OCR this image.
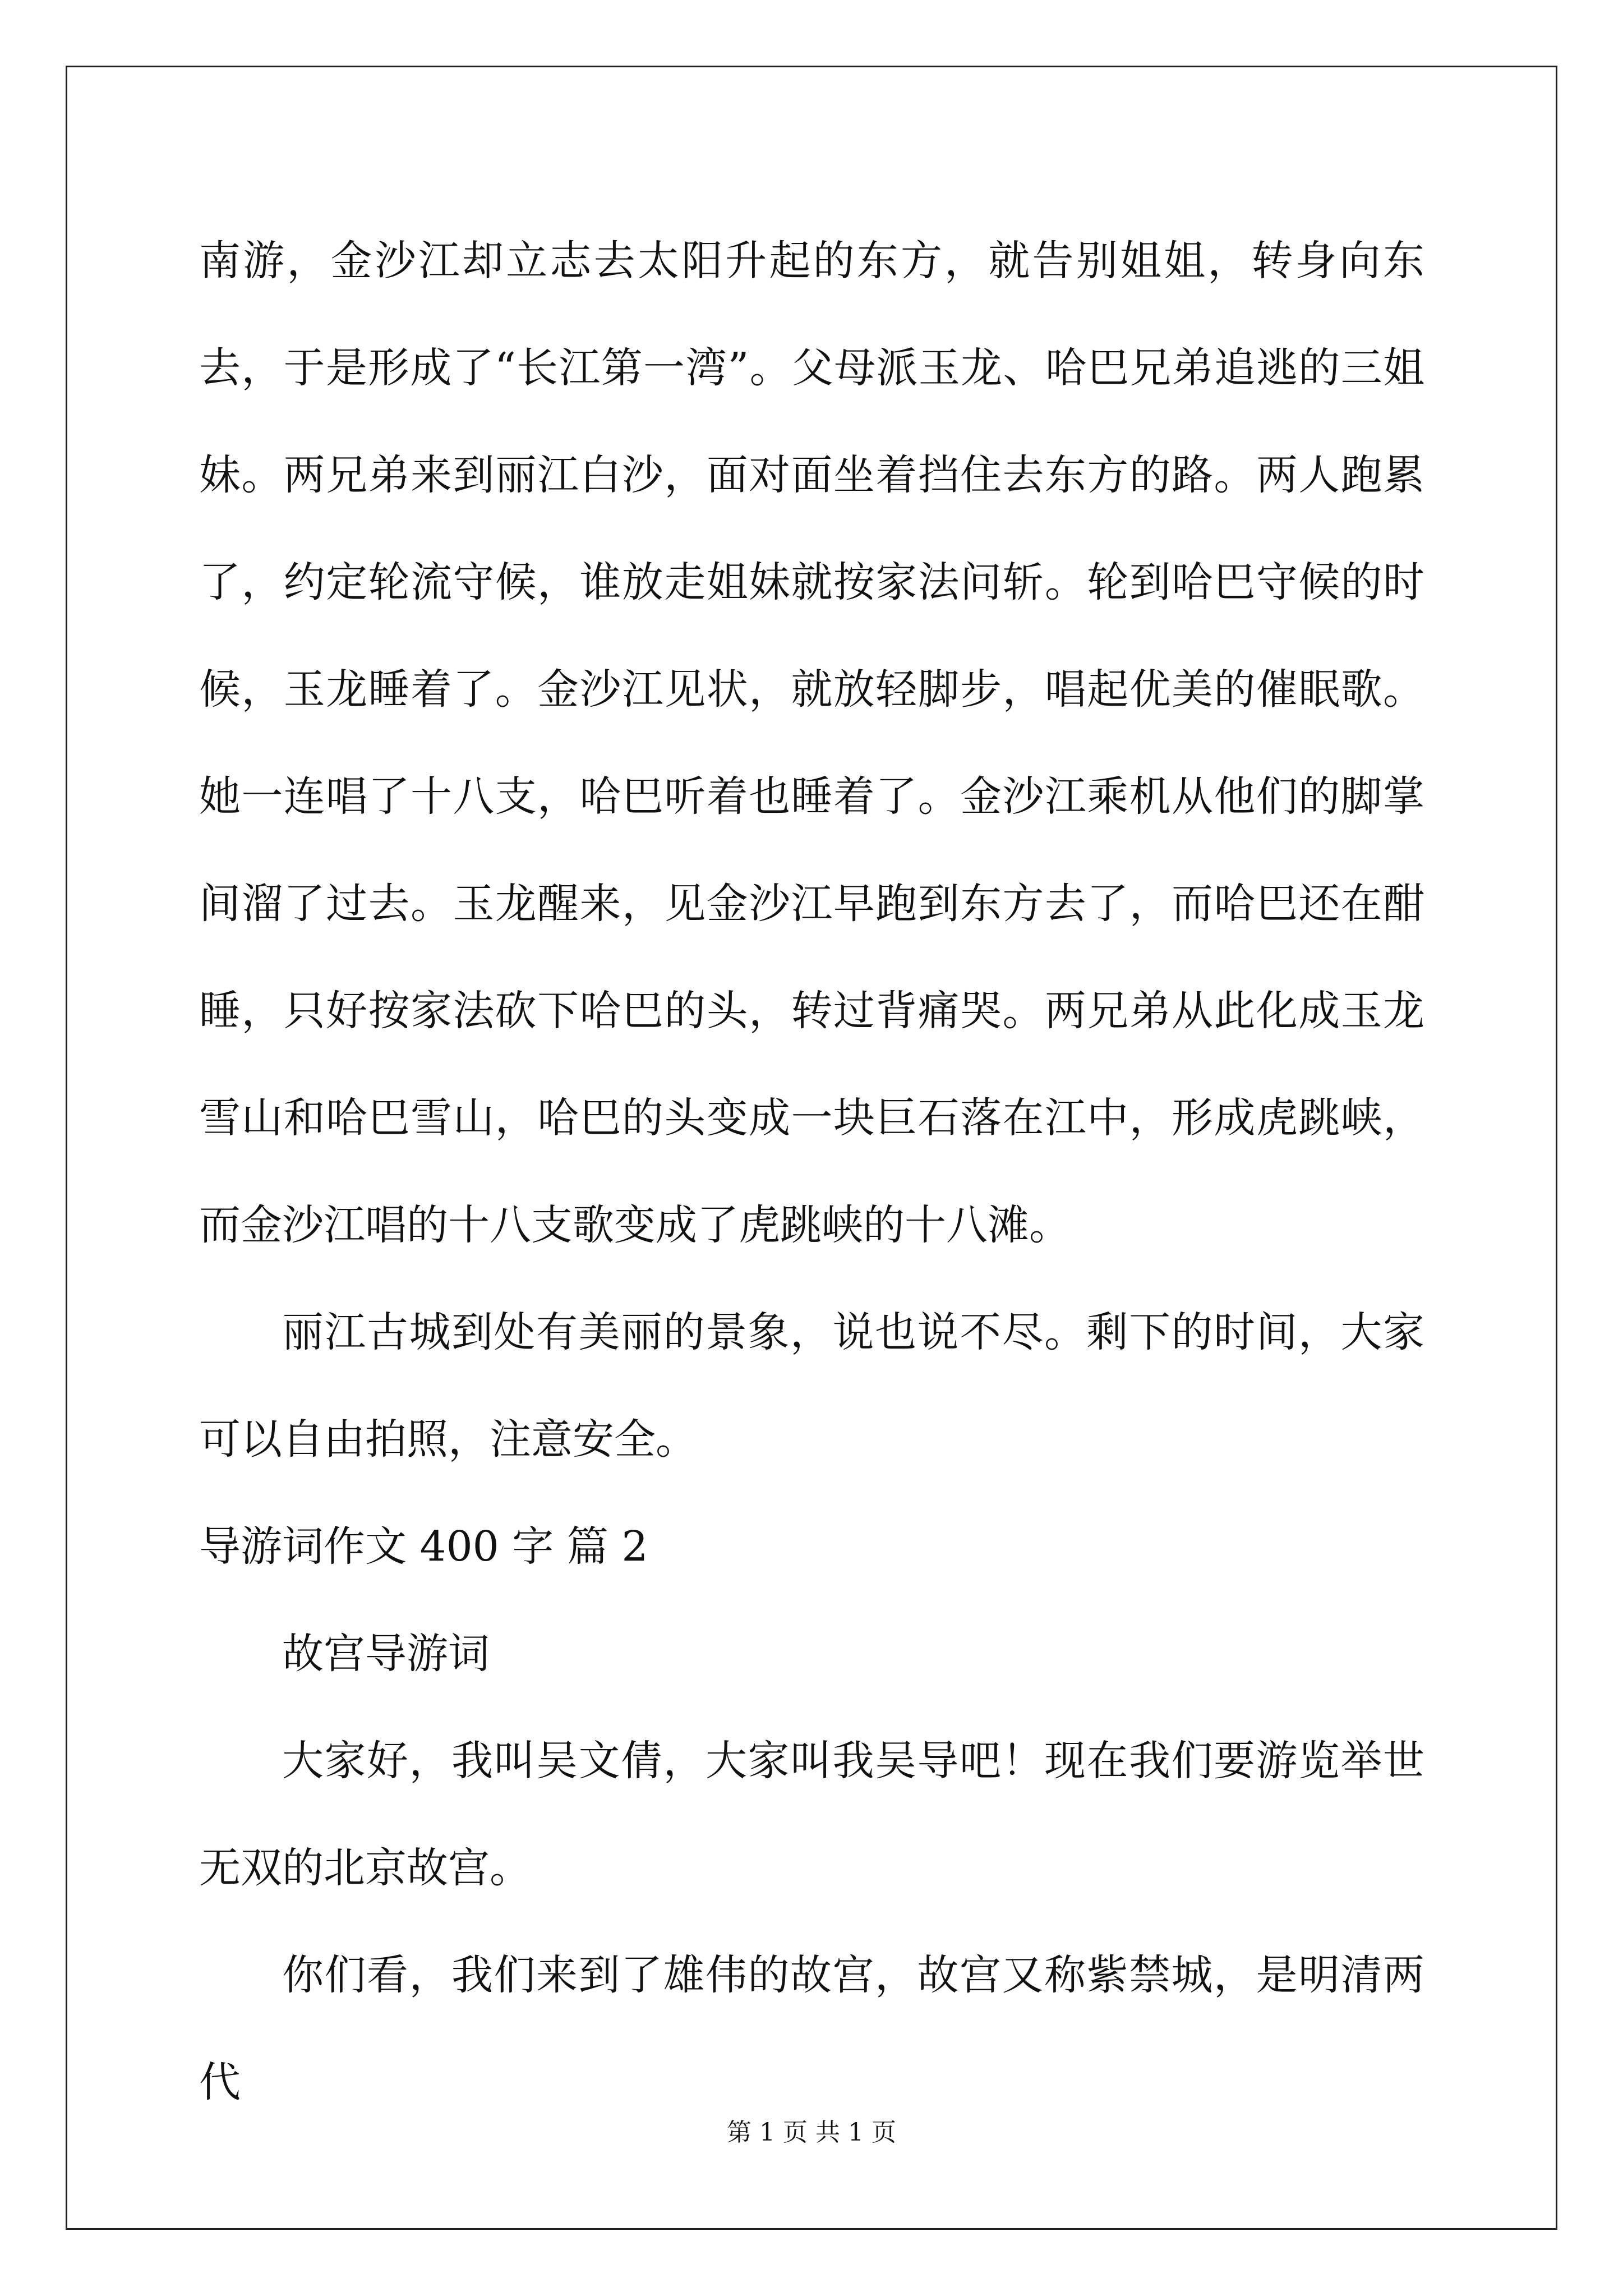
南游，金沙江却立志去太阳升起的东方，就告别姐姐，转身向东去，于是形成了“长江第一湾”。父母派玉龙、哈巴兄弟追逃的三姐妹。两兄弟来到丽江白沙，面对面坐着挡住去东方的路。两人跑累了，约定轮流守候，谁放走姐妹就按家法问斩。轮到哈巴守候的时候，玉龙睡着了。金沙江见状，就放轻脚步，唱起优美的催眠歌。她一连唱了十八支，哈巴听着也睡着了。金沙江乘机从他们的脚掌间溜了过去。玉龙醒来，见金沙江早跑到东方去了，而哈巴还在酣睡，只好按家法砍下哈巴的头，转过背痛哭。两兄弟从此化成玉龙雪山和哈巴雪山，哈巴的头变成一块巨石落在江中，形成虎跳峡，而金沙江唱的十八支歌变成了虎跳峡的十八滩。

丽江古城到处有美丽的景象，说也说不尽。剩下的时间，大家可以自由拍照，注意安全。

导游词作文 400 字 篇 2

故宫导游词

大家好，我叫吴文倩，大家叫我吴导吧！现在我们要游览举世无双的北京故宫。

你们看，我们来到了雄伟的故宫，故宫又称紫禁城，是明清两代

第 1 页 共 1 页
